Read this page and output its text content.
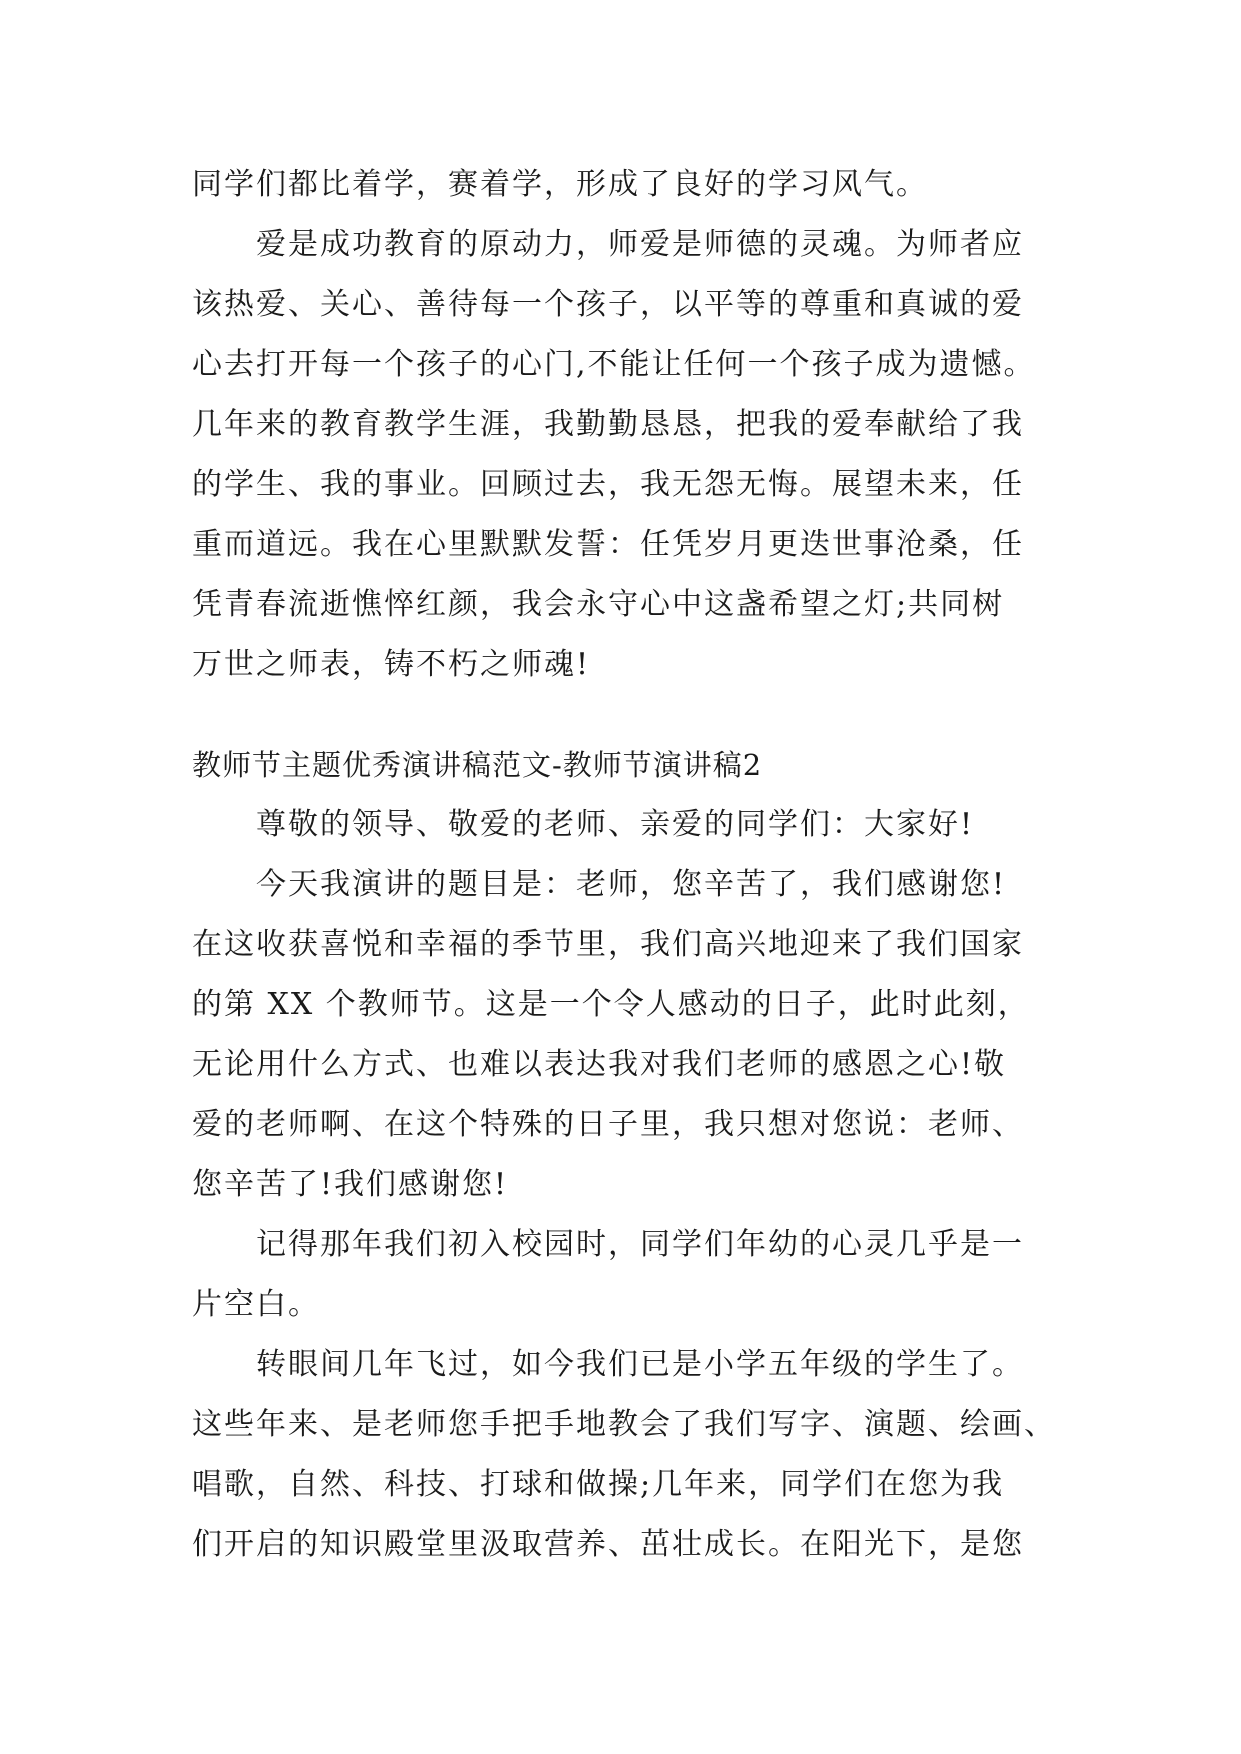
同学们都比着学，赛着学，形成了良好的学习风气。

爱是成功教育的原动力，师爱是师德的灵魂。为师者应

该热爱、关心、善待每一个孩子，以平等的尊重和真诚的爱

心去打开每一个孩子的心门,不能让任何一个孩子成为遗憾。

几年来的教育教学生涯，我勤勤恳恳，把我的爱奉献给了我

的学生、我的事业。回顾过去，我无怨无悔。展望未来，任

重而道远。我在心里默默发誓：任凭岁月更迭世事沧桑，任

凭青春流逝憔悴红颜，我会永守心中这盏希望之灯;共同树

万世之师表，铸不朽之师魂!

教师节主题优秀演讲稿范文-教师节演讲稿2

尊敬的领导、敬爱的老师、亲爱的同学们：大家好!

今天我演讲的题目是：老师，您辛苦了，我们感谢您!

在这收获喜悦和幸福的季节里，我们高兴地迎来了我们国家

的第 XX 个教师节。这是一个令人感动的日子，此时此刻，

无论用什么方式、也难以表达我对我们老师的感恩之心!敬

爱的老师啊、在这个特殊的日子里，我只想对您说：老师、

您辛苦了!我们感谢您!

记得那年我们初入校园时，同学们年幼的心灵几乎是一

片空白。

转眼间几年飞过，如今我们已是小学五年级的学生了。

这些年来、是老师您手把手地教会了我们写字、演题、绘画、

唱歌，自然、科技、打球和做操;几年来，同学们在您为我

们开启的知识殿堂里汲取营养、茁壮成长。在阳光下，是您
